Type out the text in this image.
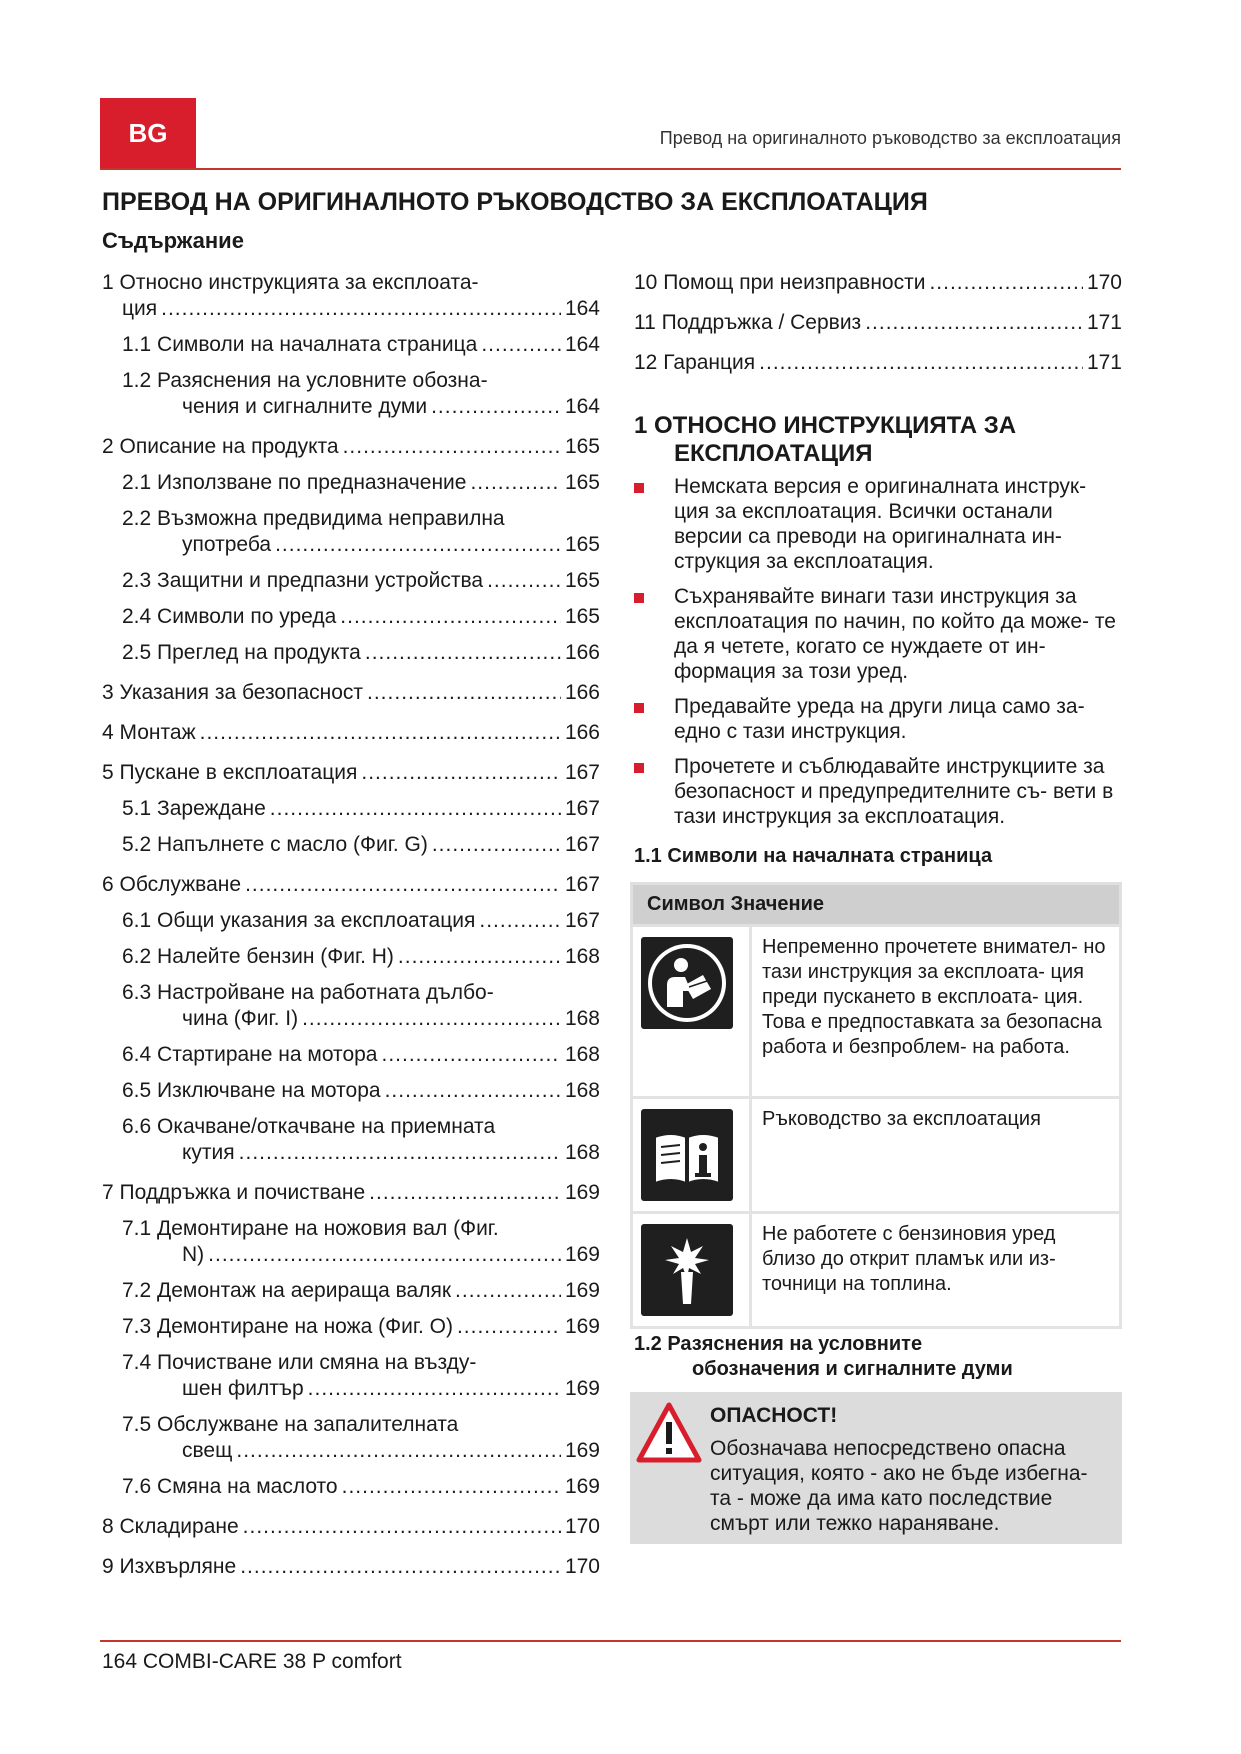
BG	Превод на оригиналното ръководство за експлоатация
ПРЕВОД НА ОРИГИНАЛНОТО РЪКОВОДСТВО ЗА ЕКСПЛОАТАЦИЯ
Съдържание
1 Относно инструкцията за експлоата-
ция .....	164
1.1 Символи на началната страница .....	164
1.2 Разяснения на условните обозна-
чения и сигналните думи .....	164
2 Описание на продукта .....	165
2.1 Използване по предназначение .....	165
2.2 Възможна предвидима неправилна
употреба .....	165
2.3 Защитни и предпазни устройства .....	165
2.4 Символи по уреда .....	165
2.5 Преглед на продукта .....	166
3 Указания за безопасност .....	166
4 Монтаж .....	166
5 Пускане в експлоатация .....	167
5.1 Зареждане .....	167
5.2 Напълнете с масло (Фиг. G) .....	167
6 Обслужване .....	167
6.1 Общи указания за експлоатация .....	167
6.2 Налейте бензин (Фиг. H) .....	168
6.3 Настройване на работната дълбо-
чина (Фиг. I) .....	168
6.4 Стартиране на мотора .....	168
6.5 Изключване на мотора .....	168
6.6 Окачване/откачване на приемната
кутия .....	168
7 Поддръжка и почистване .....	169
7.1 Демонтиране на ножовия вал (Фиг.
N) .....	169
7.2 Демонтаж на аерираща валяк .....	169
7.3 Демонтиране на ножа (Фиг. O) .....	169
7.4 Почистване или смяна на възду-
шен филтър .....	169
7.5 Обслужване на запалителната
свещ .....	169
7.6 Смяна на маслото .....	169
8 Складиране .....	170
9 Изхвърляне .....	170
10 Помощ при неизправности .....	170
11 Поддръжка / Сервиз .....	171
12 Гаранция .....	171
1 ОТНОСНО ИНСТРУКЦИЯТА ЗА
ЕКСПЛОАТАЦИЯ
Немската версия е оригиналната инструк- ция за експлоатация. Всички останали версии са преводи на оригиналната ин- струкция за експлоатация.
Съхранявайте винаги тази инструкция за експлоатация по начин, по който да може- те да я четете, когато се нуждаете от ин- формация за този уред.
Предавайте уреда на други лица само за- едно с тази инструкция.
Прочетете и съблюдавайте инструкциите за безопасност и предупредителните съ- вети в тази инструкция за експлоатация.
1.1 Символи на началната страница
Символ Значение	

	Непременно прочетете внимател- но тази инструкция за експлоата- ция преди пускането в експлоата- ция. Това е предпоставката за безопасна работа и безпроблем- на работа.

	Ръководство за експлоатация

	Не работете с бензиновия уред близо до открит пламък или из- точници на топлина.
1.2 Разяснения на условните
обозначения и сигналните думи
ОПАСНОСТ!
Обозначава непосредствено опасна ситуация, която - ако не бъде избегна- та - може да има като последствие смърт или тежко нараняване.
164 COMBI-CARE 38 P comfort
